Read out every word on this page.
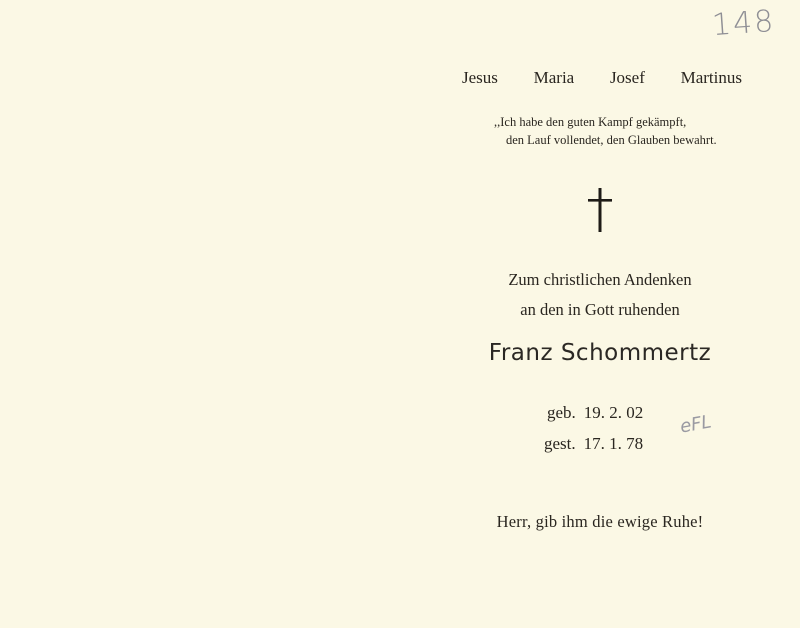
148
Jesus Maria Josef Martinus
,,Ich habe den guten Kampf gekämpft,
den Lauf vollendet, den Glauben bewahrt.
Zum christlichen Andenken
an den in Gott ruhenden
Franz Schommertz
geb. 19. 2. 02
gest. 17. 1. 78
eFL
Herr, gib ihm die ewige Ruhe!
